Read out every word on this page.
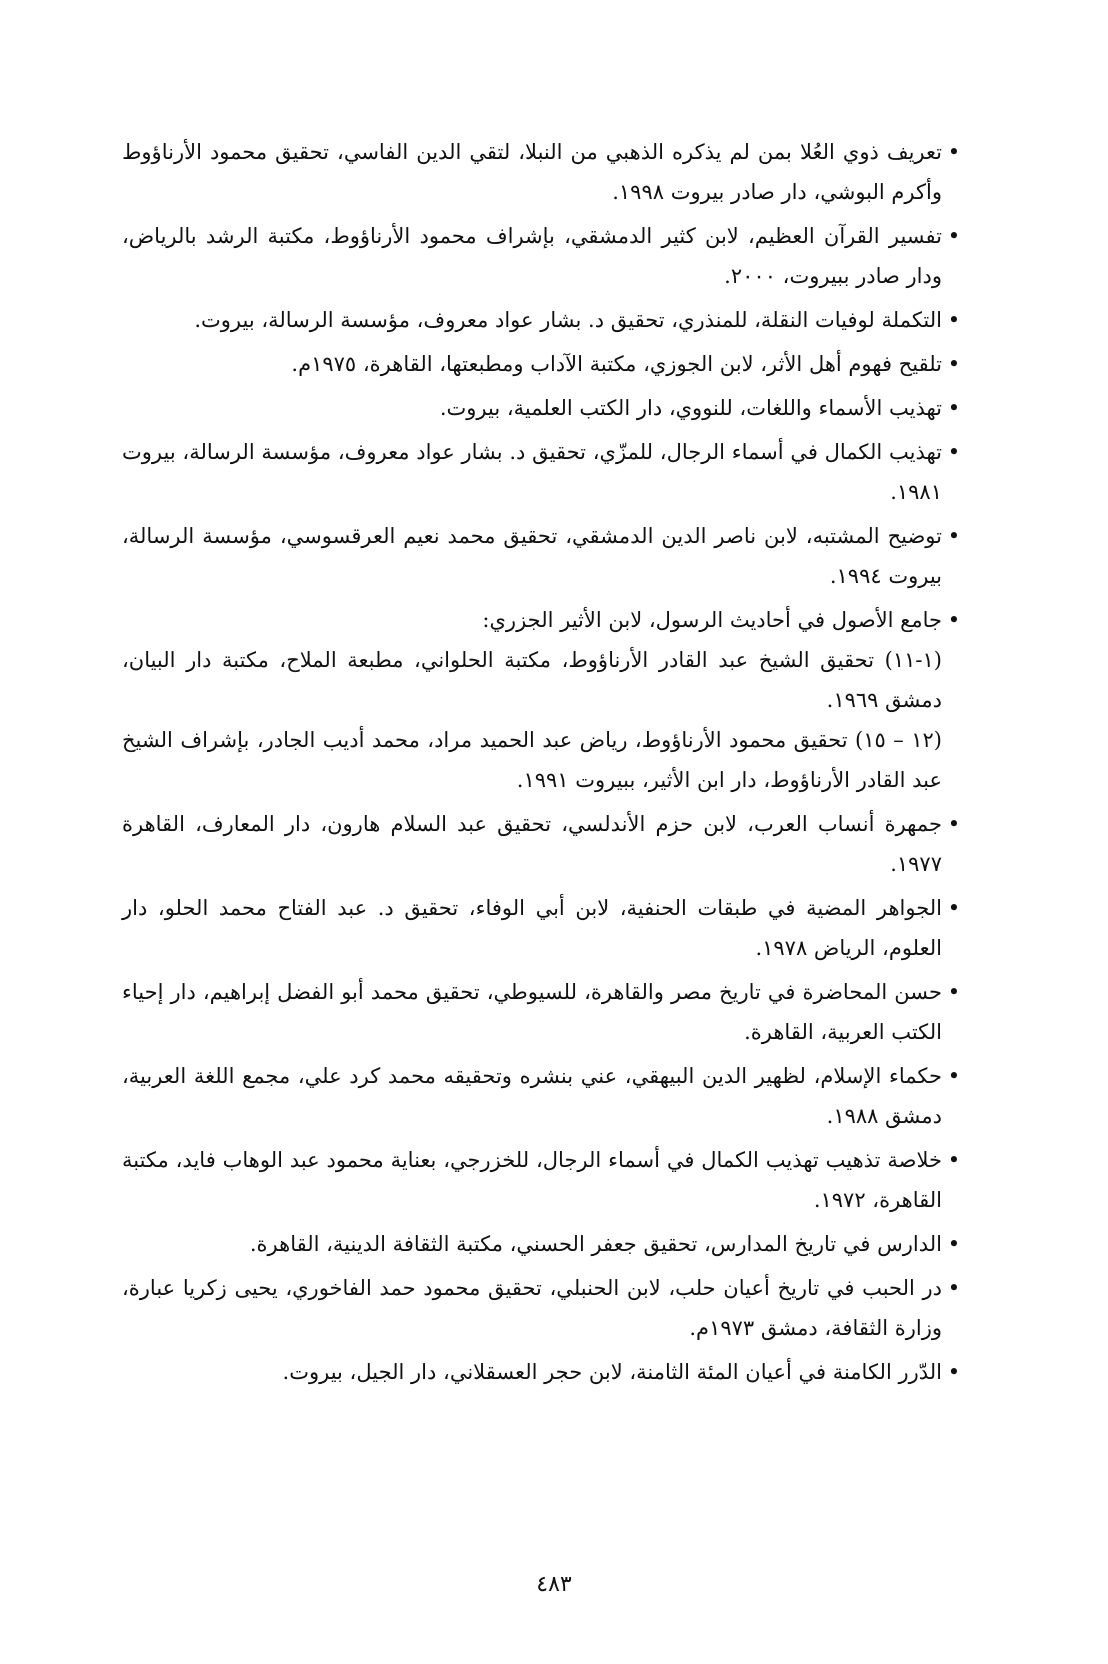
•
تعريف ذوي العُلا بمن لم يذكره الذهبي من النبلا، لتقي الدين الفاسي، تحقيق محمود الأرناؤوط وأكرم البوشي، دار صادر بيروت ١٩٩٨.
•
تفسير القرآن العظيم، لابن كثير الدمشقي، بإشراف محمود الأرناؤوط، مكتبة الرشد بالرياض، ودار صادر ببيروت، ٢٠٠٠.
•
التكملة لوفيات النقلة، للمنذري، تحقيق د. بشار عواد معروف، مؤسسة الرسالة، بيروت.
•
تلقيح فهوم أهل الأثر، لابن الجوزي، مكتبة الآداب ومطبعتها، القاهرة، ١٩٧٥م.
•
تهذيب الأسماء واللغات، للنووي، دار الكتب العلمية، بيروت.
•
تهذيب الكمال في أسماء الرجال، للمزّي، تحقيق د. بشار عواد معروف، مؤسسة الرسالة، بيروت ١٩٨١.
•
توضيح المشتبه، لابن ناصر الدين الدمشقي، تحقيق محمد نعيم العرقسوسي، مؤسسة الرسالة، بيروت ١٩٩٤.
•
جامع الأصول في أحاديث الرسول، لابن الأثير الجزري:
(١-١١) تحقيق الشيخ عبد القادر الأرناؤوط، مكتبة الحلواني، مطبعة الملاح، مكتبة دار البيان، دمشق ١٩٦٩.
(١٢ – ١٥) تحقيق محمود الأرناؤوط، رياض عبد الحميد مراد، محمد أديب الجادر، بإشراف الشيخ عبد القادر الأرناؤوط، دار ابن الأثير، ببيروت ١٩٩١.
•
جمهرة أنساب العرب، لابن حزم الأندلسي، تحقيق عبد السلام هارون، دار المعارف، القاهرة ١٩٧٧.
•
الجواهر المضية في طبقات الحنفية، لابن أبي الوفاء، تحقيق د. عبد الفتاح محمد الحلو، دار العلوم، الرياض ١٩٧٨.
•
حسن المحاضرة في تاريخ مصر والقاهرة، للسيوطي، تحقيق محمد أبو الفضل إبراهيم، دار إحياء الكتب العربية، القاهرة.
•
حكماء الإسلام، لظهير الدين البيهقي، عني بنشره وتحقيقه محمد كرد علي، مجمع اللغة العربية، دمشق ١٩٨٨.
•
خلاصة تذهيب تهذيب الكمال في أسماء الرجال، للخزرجي، بعناية محمود عبد الوهاب فايد، مكتبة القاهرة، ١٩٧٢.
•
الدارس في تاريخ المدارس، تحقيق جعفر الحسني، مكتبة الثقافة الدينية، القاهرة.
•
در الحبب في تاريخ أعيان حلب، لابن الحنبلي، تحقيق محمود حمد الفاخوري، يحيى زكريا عبارة، وزارة الثقافة، دمشق ١٩٧٣م.
•
الدّرر الكامنة في أعيان المئة الثامنة، لابن حجر العسقلاني، دار الجيل، بيروت.
٤٨٣
